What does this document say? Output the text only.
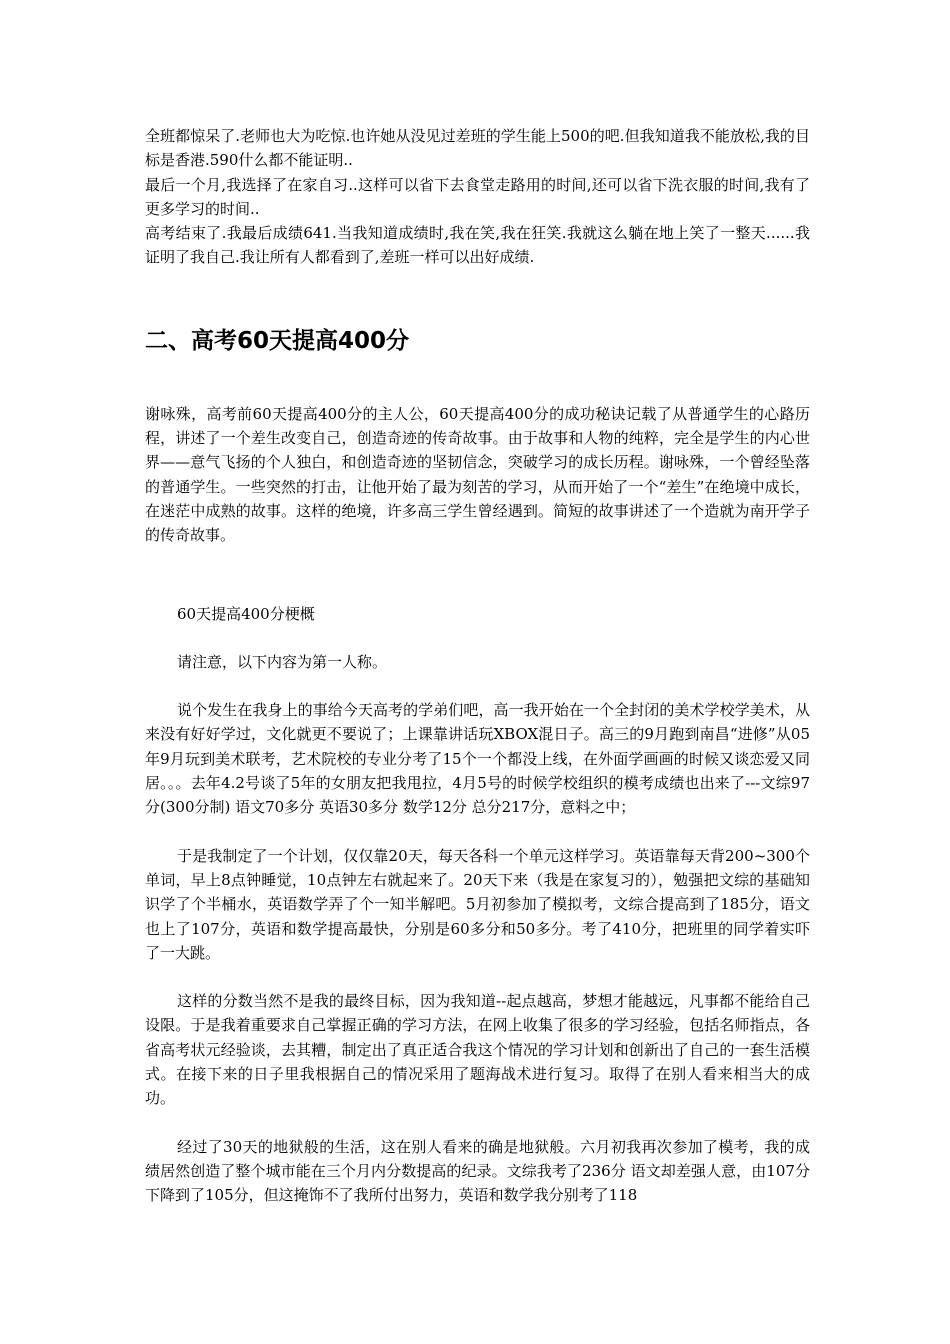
全班都惊呆了.老师也大为吃惊.也许她从没见过差班的学生能上500的吧.但我知道我不能放松,我的目标是香港.590什么都不能证明..

最后一个月,我选择了在家自习..这样可以省下去食堂走路用的时间,还可以省下洗衣服的时间,我有了更多学习的时间..

高考结束了.我最后成绩641.当我知道成绩时,我在笑,我在狂笑.我就这么躺在地上笑了一整天......我证明了我自己.我让所有人都看到了,差班一样可以出好成绩.

二、高考60天提高400分

谢咏殊，高考前60天提高400分的主人公，60天提高400分的成功秘诀记载了从普通学生的心路历程，讲述了一个差生改变自己，创造奇迹的传奇故事。由于故事和人物的纯粹，完全是学生的内心世界——意气飞扬的个人独白，和创造奇迹的坚韧信念，突破学习的成长历程。谢咏殊，一个曾经坠落的普通学生。一些突然的打击，让他开始了最为刻苦的学习，从而开始了一个“差生”在绝境中成长，在迷茫中成熟的故事。这样的绝境，许多高三学生曾经遇到。简短的故事讲述了一个造就为南开学子的传奇故事。

60天提高400分梗概

请注意，以下内容为第一人称。

说个发生在我身上的事给今天高考的学弟们吧，高一我开始在一个全封闭的美术学校学美术，从来没有好好学过，文化就更不要说了；上课靠讲话玩XBOX混日子。高三的9月跑到南昌“进修”从05年9月玩到美术联考，艺术院校的专业分考了15个一个都没上线，在外面学画画的时候又谈恋爱又同居。。。去年4.2号谈了5年的女朋友把我甩拉，4月5号的时候学校组织的模考成绩也出来了---文综97分(300分制) 语文70多分 英语30多分 数学12分 总分217分，意料之中；

于是我制定了一个计划，仅仅靠20天，每天各科一个单元这样学习。英语靠每天背200~300个单词，早上8点钟睡觉，10点钟左右就起来了。20天下来（我是在家复习的），勉强把文综的基础知识学了个半桶水，英语数学弄了个一知半解吧。5月初参加了模拟考，文综合提高到了185分，语文也上了107分，英语和数学提高最快，分别是60多分和50多分。考了410分，把班里的同学着实吓了一大跳。

这样的分数当然不是我的最终目标，因为我知道--起点越高，梦想才能越远，凡事都不能给自己设限。于是我着重要求自己掌握正确的学习方法，在网上收集了很多的学习经验，包括名师指点，各省高考状元经验谈，去其糟，制定出了真正适合我这个情况的学习计划和创新出了自己的一套生活模式。在接下来的日子里我根据自己的情况采用了题海战术进行复习。取得了在别人看来相当大的成功。

经过了30天的地狱般的生活，这在别人看来的确是地狱般。六月初我再次参加了模考，我的成绩居然创造了整个城市能在三个月内分数提高的纪录。文综我考了236分 语文却差强人意，由107分下降到了105分，但这掩饰不了我所付出努力，英语和数学我分别考了118
